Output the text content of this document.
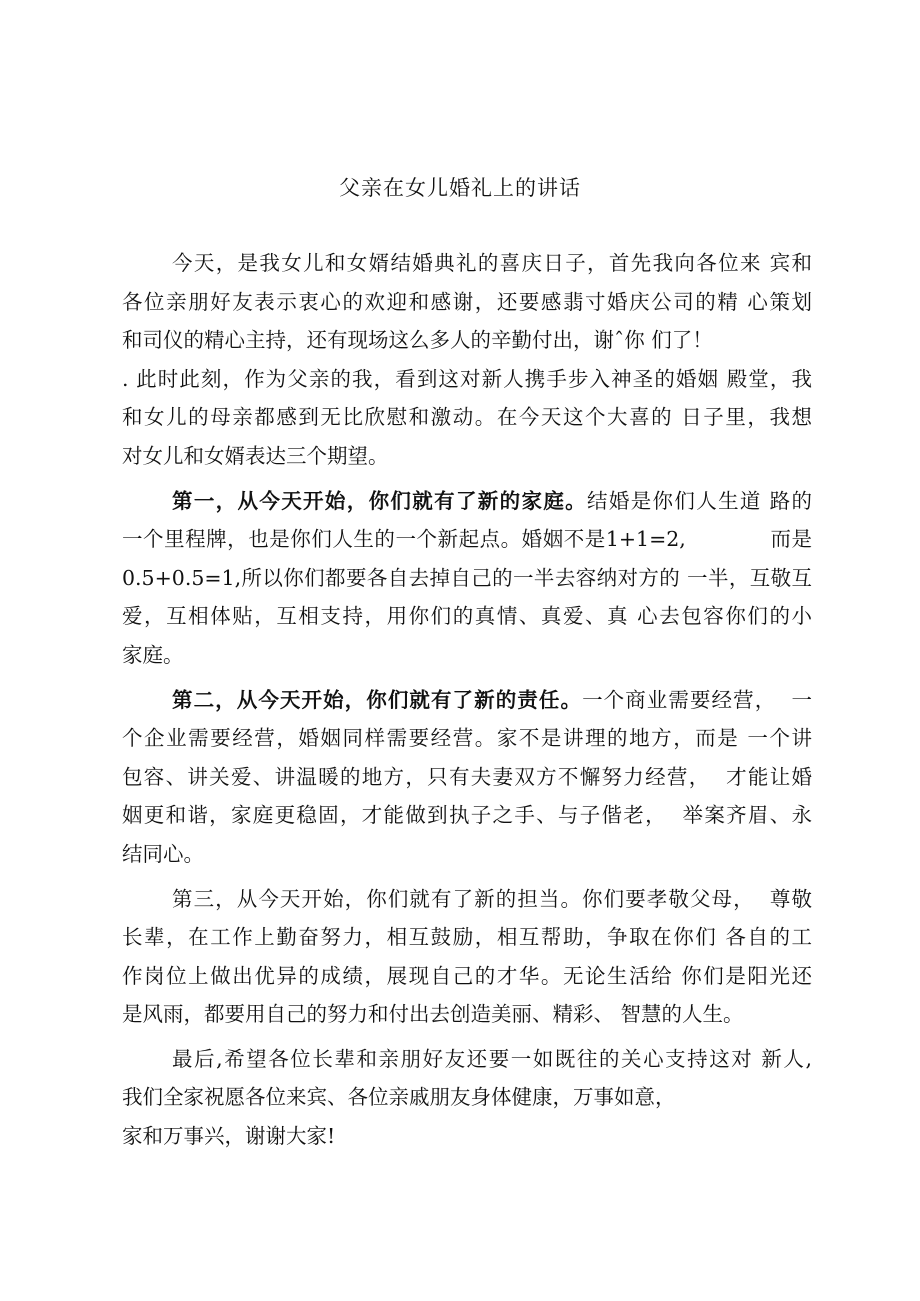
父亲在女儿婚礼上的讲话
今天，是我女儿和女婿结婚典礼的喜庆日子，首先我向各位来 宾和
各位亲朋好友表示衷心的欢迎和感谢，还要感翡寸婚庆公司的精 心策划
和司仪的精心主持，还有现场这么多人的辛勤付出，谢ˆ你 们了！
. 此时此刻，作为父亲的我，看到这对新人携手步入神圣的婚姻 殿堂，我
和女儿的母亲都感到无比欣慰和激动。在今天这个大喜的 日子里，我想
对女儿和女婿表达三个期望。
第一，从今天开始，你们就有了新的家庭。结婚是你们人生道 路的
一个里程牌，也是你们人生的一个新起点。婚姻不是1+1=2,            而是
0.5+0.5=1,所以你们都要各自去掉自己的一半去容纳对方的 一半，互敬互
爱，互相体贴，互相支持，用你们的真情、真爱、真 心去包容你们的小
家庭。
第二，从今天开始，你们就有了新的责任。一个商业需要经营，  一
个企业需要经营，婚姻同样需要经营。家不是讲理的地方，而是 一个讲
包容、讲关爱、讲温暖的地方，只有夫妻双方不懈努力经营，  才能让婚
姻更和谐，家庭更稳固，才能做到执子之手、与子偕老，  举案齐眉、永
结同心。
第三，从今天开始，你们就有了新的担当。你们要孝敬父母，  尊敬
长辈，在工作上勤奋努力，相互鼓励，相互帮助，争取在你们 各自的工
作岗位上做出优异的成绩，展现自己的才华。无论生活给 你们是阳光还
是风雨，都要用自己的努力和付出去创造美丽、精彩、 智慧的人生。
最后,希望各位长辈和亲朋好友还要一如既往的关心支持这对 新人,
我们全家祝愿各位来宾、各位亲戚朋友身体健康，万事如意，
家和万事兴，谢谢大家!
